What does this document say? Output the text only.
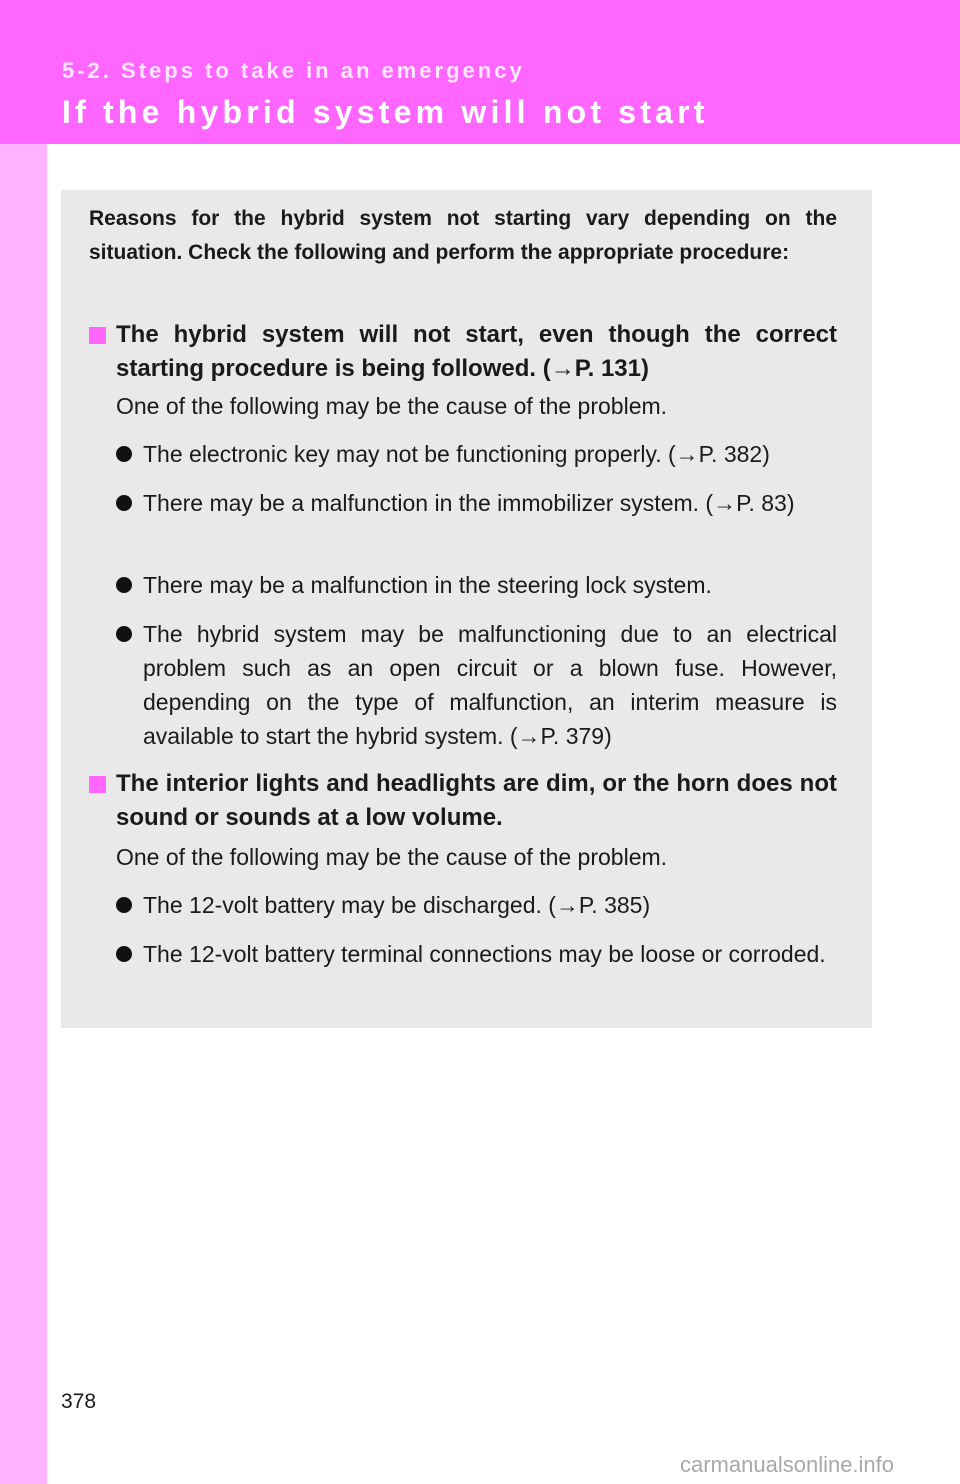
5-2. Steps to take in an emergency
If the hybrid system will not start

Reasons for the hybrid system not starting vary depending on the situation. Check the following and perform the appropriate procedure:

The hybrid system will not start, even though the correct starting procedure is being followed. (→P. 131)

One of the following may be the cause of the problem.

The electronic key may not be functioning properly. (→P. 382)

There may be a malfunction in the immobilizer system. (→P. 83)

There may be a malfunction in the steering lock system.

The hybrid system may be malfunctioning due to an electrical problem such as an open circuit or a blown fuse. However, depending on the type of malfunction, an interim measure is available to start the hybrid system. (→P. 379)

The interior lights and headlights are dim, or the horn does not sound or sounds at a low volume.

One of the following may be the cause of the problem.

The 12-volt battery may be discharged. (→P. 385)

The 12-volt battery terminal connections may be loose or corroded.

378
carmanualsonline.info
